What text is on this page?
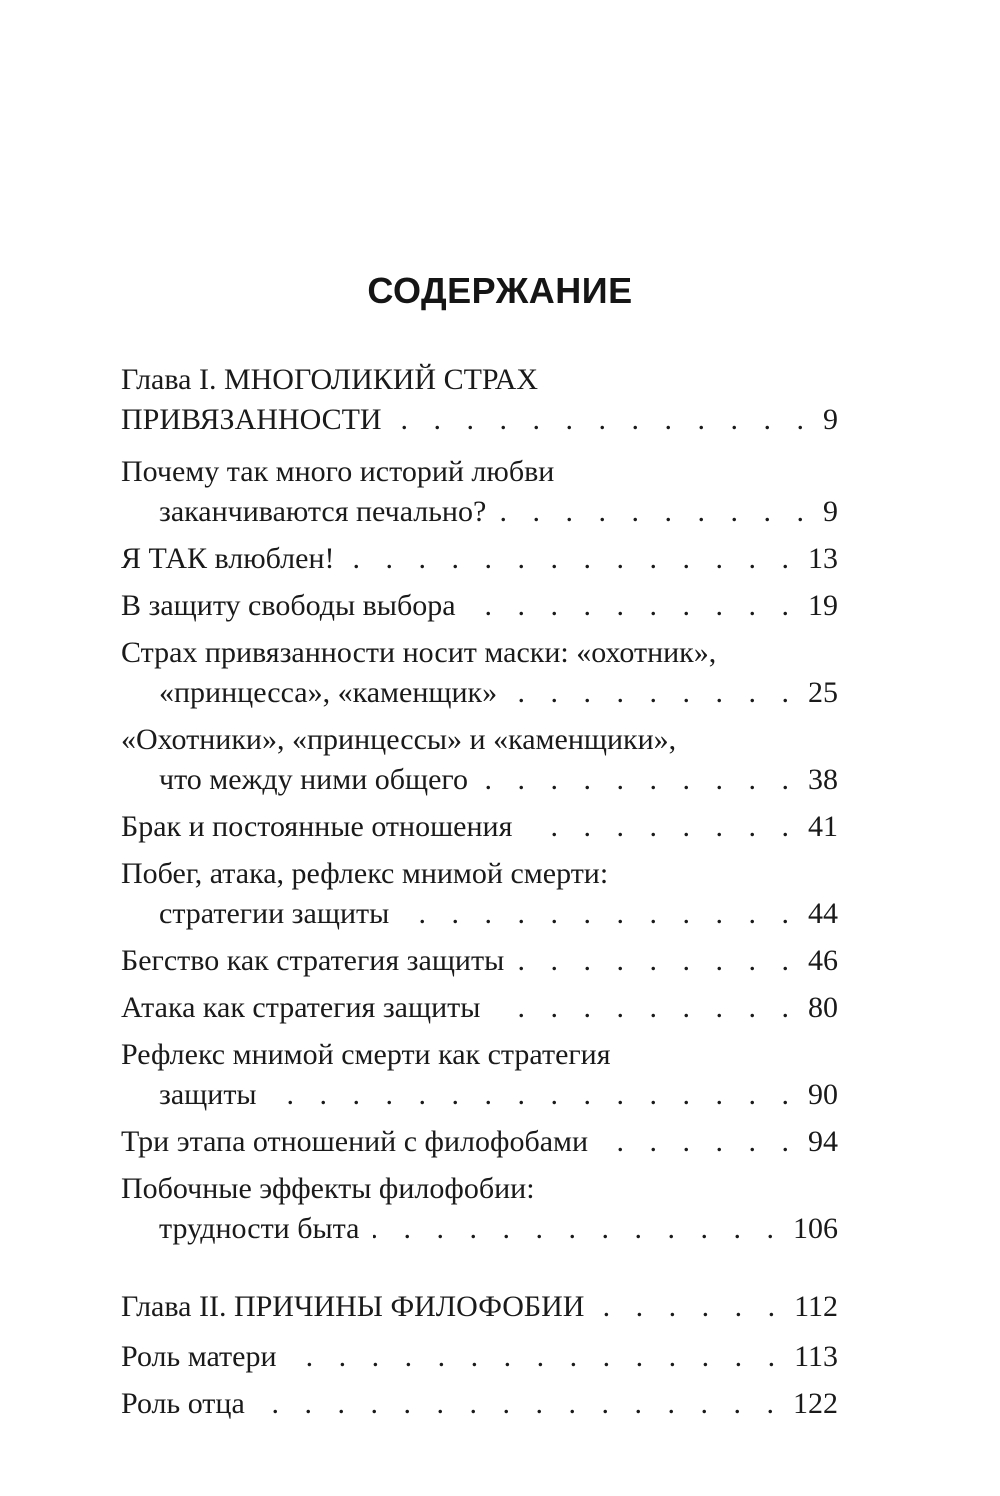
СОДЕРЖАНИЕ
Глава I. МНОГОЛИКИЙ СТРАХ
ПРИВЯЗАННОСТИ . . .	9
Почему так много историй любви
заканчиваются печально? . . .	9
Я ТАК влюблен! . . .	13
В защиту свободы выбора . . .	19
Страх привязанности носит маски: «охотник»,
«принцесса», «каменщик» . . .	25
«Охотники», «принцессы» и «каменщики»,
что между ними общего . . .	38
Брак и постоянные отношения . . .	41
Побег, атака, рефлекс мнимой смерти:
стратегии защиты . . .	44
Бегство как стратегия защиты . . .	46
Атака как стратегия защиты . . .	80
Рефлекс мнимой смерти как стратегия
защиты . . .	90
Три этапа отношений с филофобами . . .	94
Побочные эффекты филофобии:
трудности быта . . .	106
Глава II. ПРИЧИНЫ ФИЛОФОБИИ . . .	112
Роль матери . . .	113
Роль отца . . .	122
